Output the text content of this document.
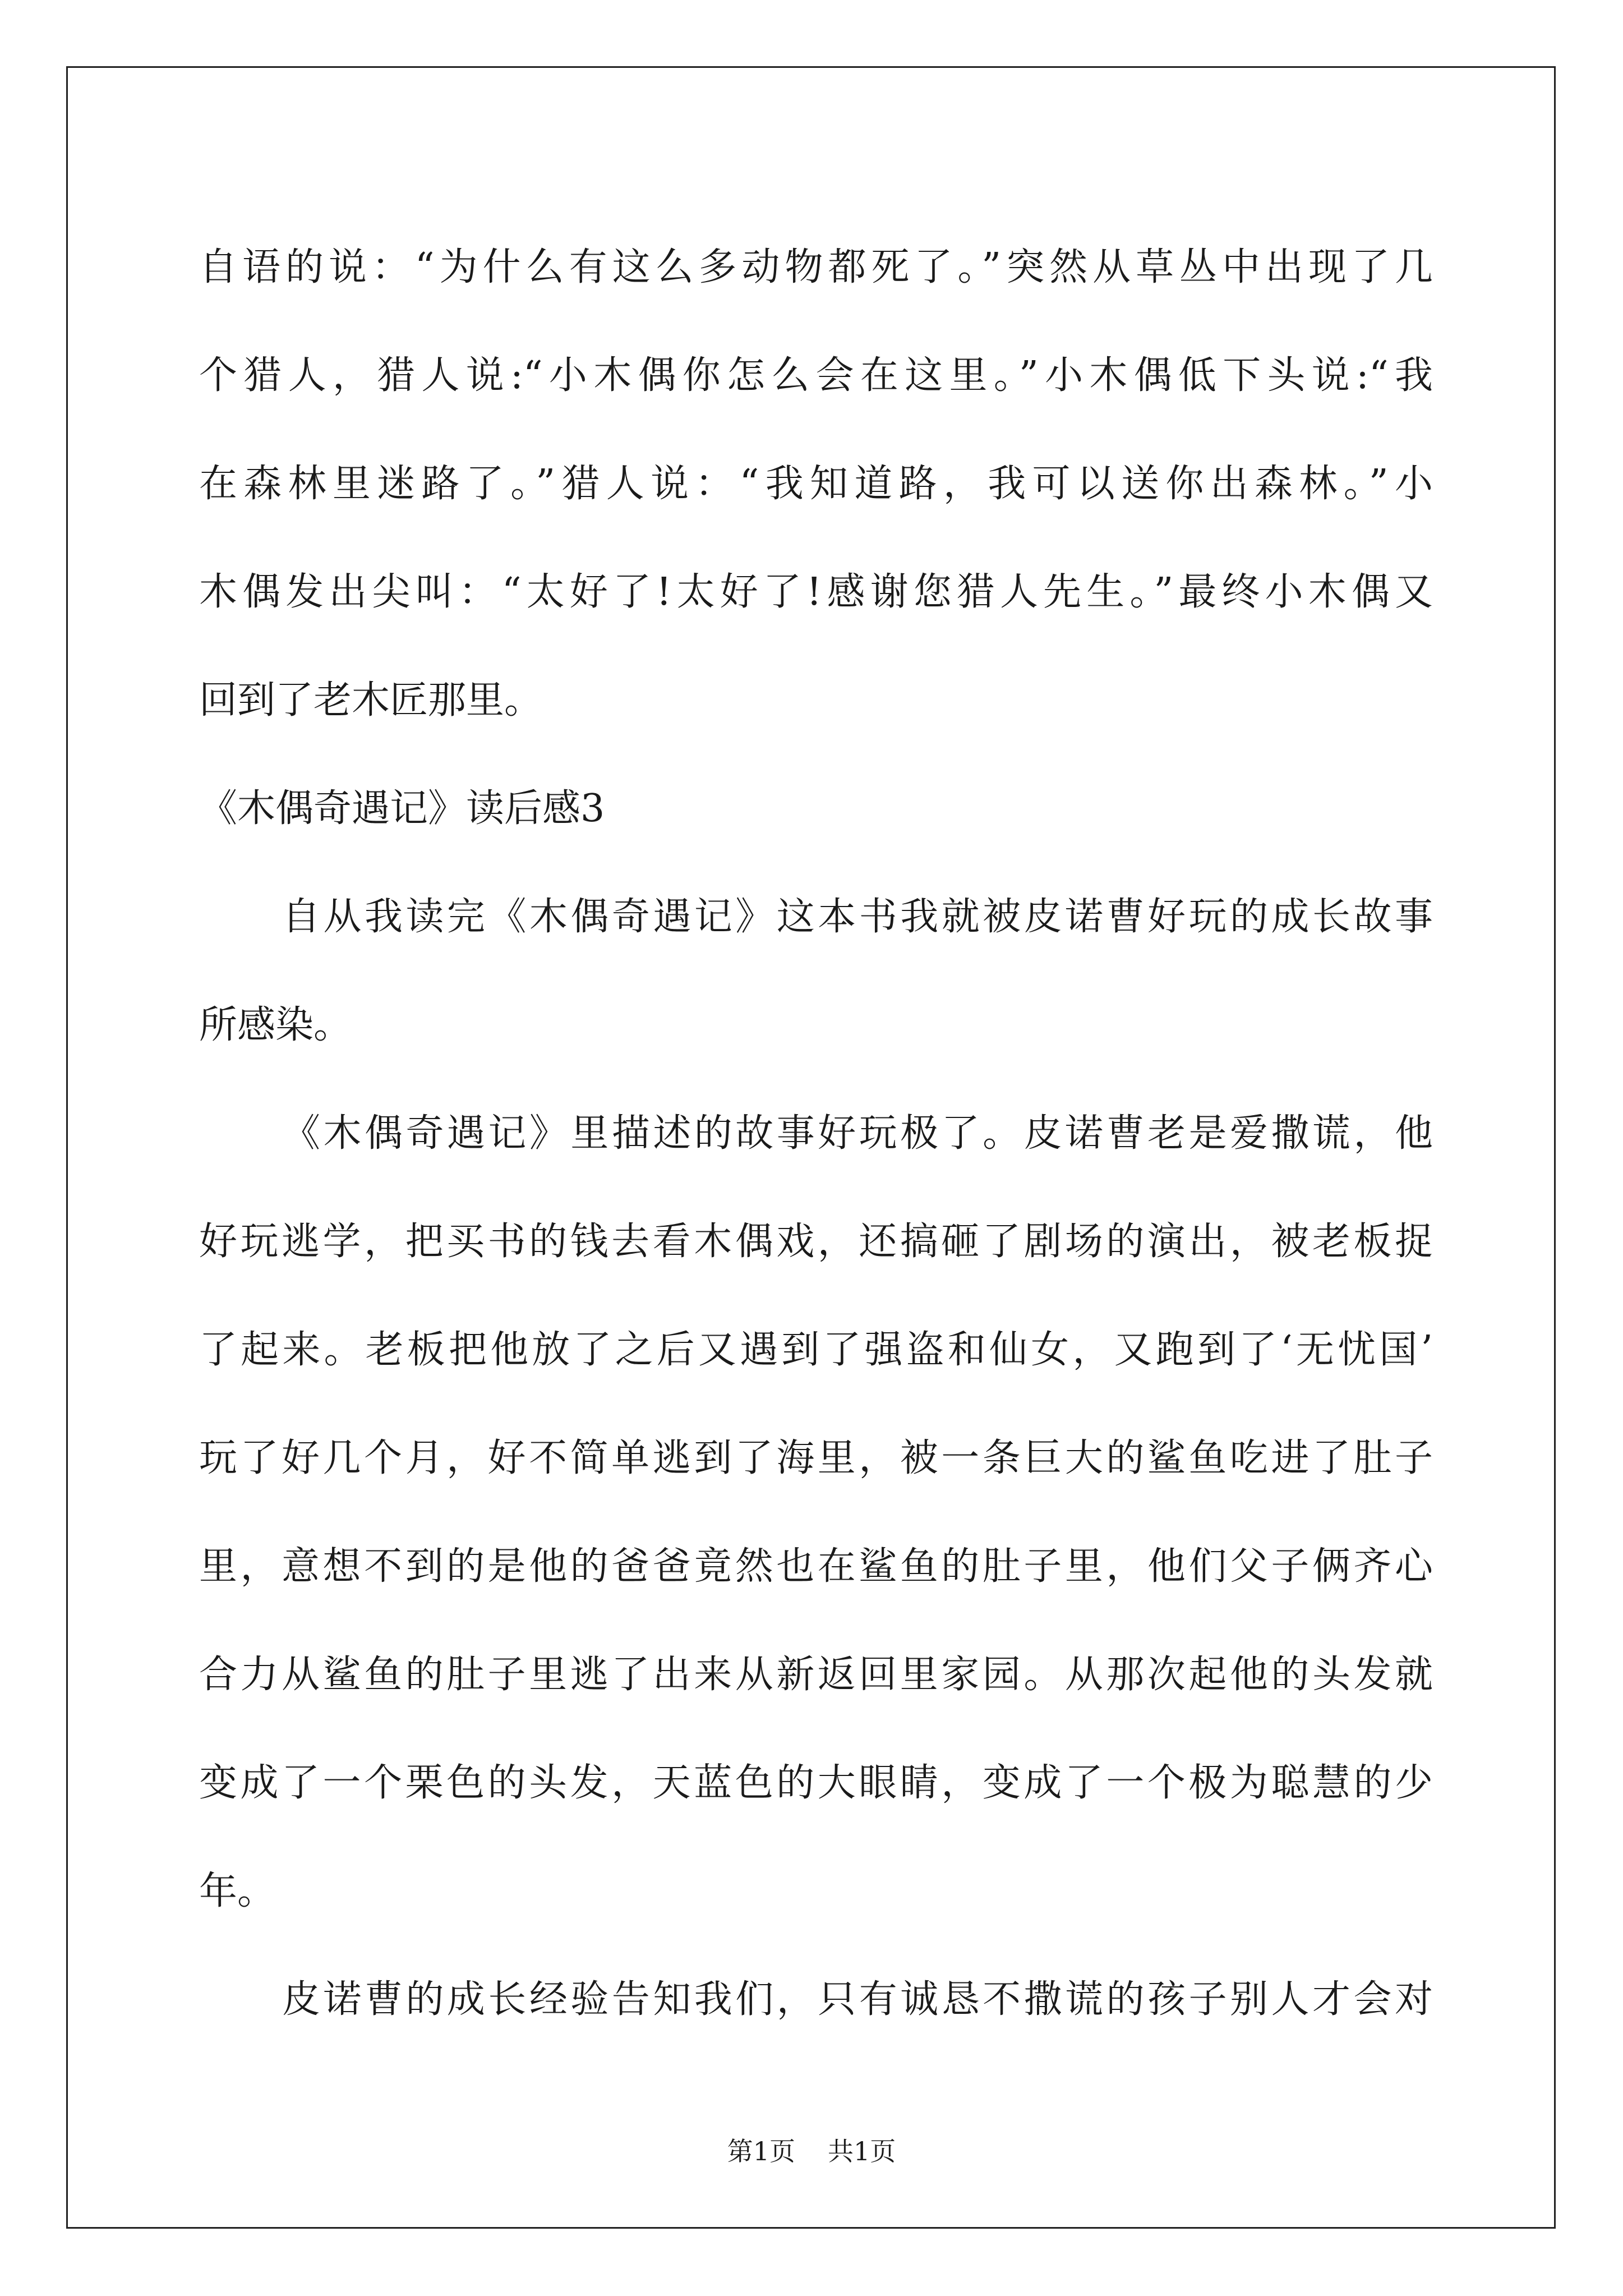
自语的说：“为什么有这么多动物都死了。”突然从草丛中出现了几
个猎人，猎人说:“小木偶你怎么会在这里。”小木偶低下头说:“我
在森林里迷路了。”猎人说：“我知道路，我可以送你出森林。”小
木偶发出尖叫：“太好了!太好了!感谢您猎人先生。”最终小木偶又
回到了老木匠那里。
《木偶奇遇记》读后感3
自从我读完《木偶奇遇记》这本书我就被皮诺曹好玩的成长故事
所感染。
《木偶奇遇记》里描述的故事好玩极了。皮诺曹老是爱撒谎，他
好玩逃学，把买书的钱去看木偶戏，还搞砸了剧场的演出，被老板捉
了起来。老板把他放了之后又遇到了强盗和仙女，又跑到了‘无忧国’
玩了好几个月，好不简单逃到了海里，被一条巨大的鲨鱼吃进了肚子
里，意想不到的是他的爸爸竟然也在鲨鱼的肚子里，他们父子俩齐心
合力从鲨鱼的肚子里逃了出来从新返回里家园。从那次起他的头发就
变成了一个栗色的头发，天蓝色的大眼睛，变成了一个极为聪慧的少
年。
皮诺曹的成长经验告知我们，只有诚恳不撒谎的孩子别人才会对
第1页 共1页
